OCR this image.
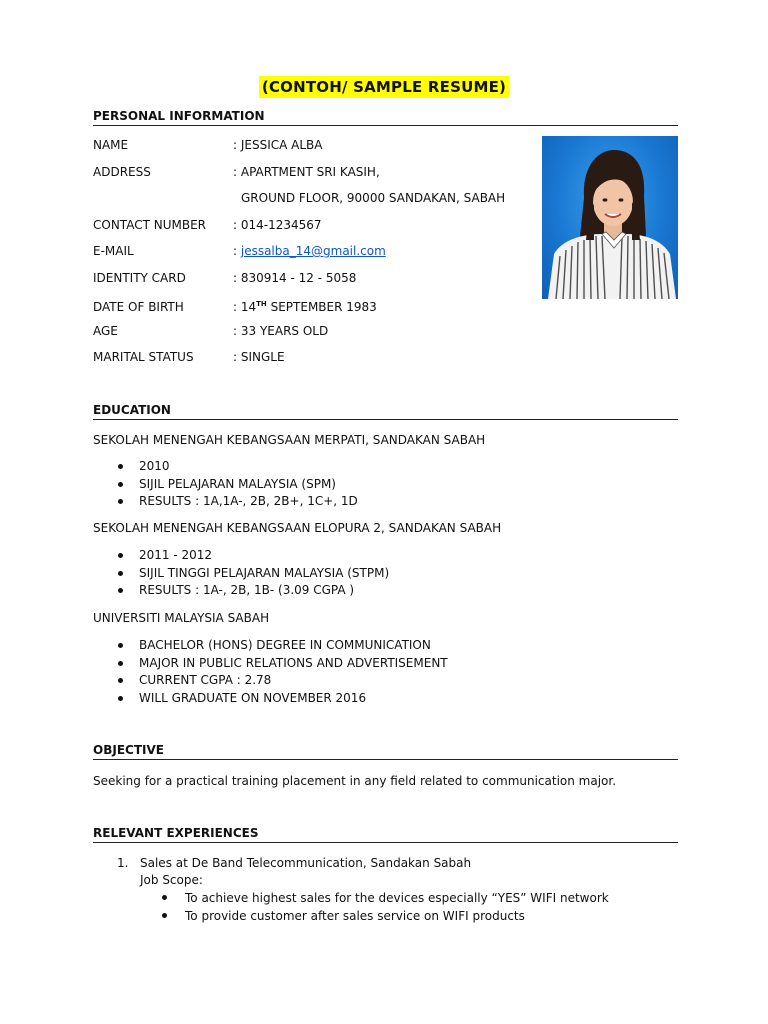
(CONTOH/ SAMPLE RESUME)
PERSONAL INFORMATION
NAME	: JESSICA ALBA
ADDRESS	: APARTMENT SRI KASIH,
GROUND FLOOR, 90000 SANDAKAN, SABAH
CONTACT NUMBER : 014-1234567
E-MAIL	: jessalba_14@gmail.com
IDENTITY CARD	: 830914 - 12 - 5058
DATE OF BIRTH	: 14TH SEPTEMBER 1983
AGE	: 33 YEARS OLD
MARITAL STATUS	: SINGLE
EDUCATION
SEKOLAH MENENGAH KEBANGSAAN MERPATI, SANDAKAN SABAH
2010
SIJIL PELAJARAN MALAYSIA (SPM)
RESULTS : 1A,1A-, 2B, 2B+, 1C+, 1D
SEKOLAH MENENGAH KEBANGSAAN ELOPURA 2, SANDAKAN SABAH
2011 - 2012
SIJIL TINGGI PELAJARAN MALAYSIA (STPM)
RESULTS : 1A-, 2B, 1B- (3.09 CGPA )
UNIVERSITI MALAYSIA SABAH
BACHELOR (HONS) DEGREE IN COMMUNICATION
MAJOR IN PUBLIC RELATIONS AND ADVERTISEMENT
CURRENT CGPA : 2.78
WILL GRADUATE ON NOVEMBER 2016
OBJECTIVE
Seeking for a practical training placement in any field related to communication major.
RELEVANT EXPERIENCES
1. Sales at De Band Telecommunication, Sandakan Sabah
Job Scope:
To achieve highest sales for the devices especially “YES” WIFI network
To provide customer after sales service on WIFI products
